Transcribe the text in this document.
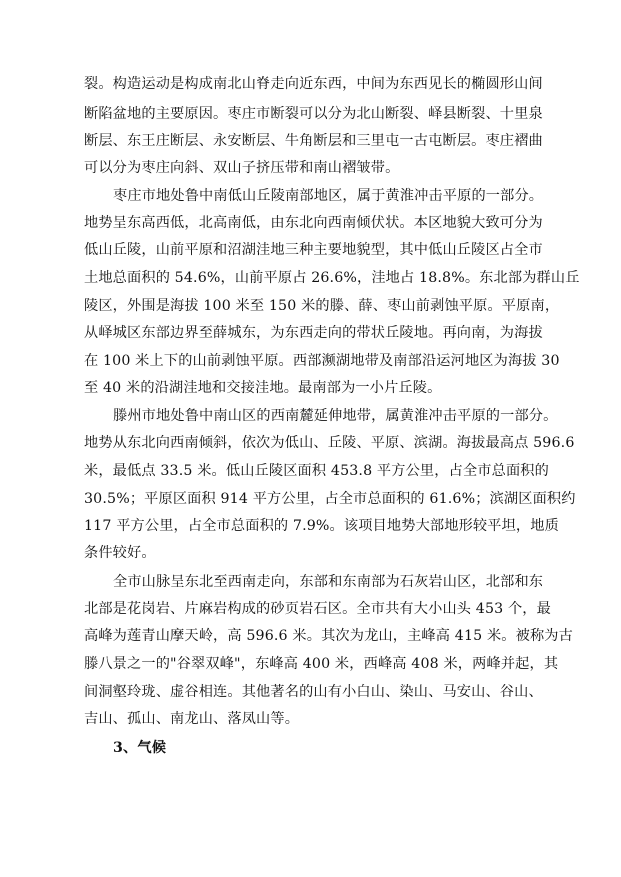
裂。构造运动是构成南北山脊走向近东西，中间为东西见长的椭圆形山间
断陷盆地的主要原因。枣庄市断裂可以分为北山断裂、峄县断裂、十里泉
断层、东王庄断层、永安断层、牛角断层和三里屯一古屯断层。枣庄褶曲
可以分为枣庄向斜、双山子挤压带和南山褶皱带。
枣庄市地处鲁中南低山丘陵南部地区，属于黄淮冲击平原的一部分。
地势呈东高西低，北高南低，由东北向西南倾伏状。本区地貌大致可分为
低山丘陵，山前平原和沼湖洼地三种主要地貌型，其中低山丘陵区占全市
土地总面积的 54.6%，山前平原占 26.6%，洼地占 18.8%。东北部为群山丘
陵区，外围是海拔 100 米至 150 米的滕、薛、枣山前剥蚀平原。平原南，
从峄城区东部边界至薛城东，为东西走向的带状丘陵地。再向南，为海拔
在 100 米上下的山前剥蚀平原。西部濒湖地带及南部沿运河地区为海拔 30
至 40 米的沿湖洼地和交接洼地。最南部为一小片丘陵。
滕州市地处鲁中南山区的西南麓延伸地带，属黄淮冲击平原的一部分。
地势从东北向西南倾斜，依次为低山、丘陵、平原、滨湖。海拔最高点 596.6
米，最低点 33.5 米。低山丘陵区面积 453.8 平方公里，占全市总面积的
30.5%；平原区面积 914 平方公里，占全市总面积的 61.6%；滨湖区面积约
117 平方公里，占全市总面积的 7.9%。该项目地势大部地形较平坦，地质
条件较好。
全市山脉呈东北至西南走向，东部和东南部为石灰岩山区，北部和东
北部是花岗岩、片麻岩构成的砂页岩石区。全市共有大小山头 453 个，最
高峰为莲青山摩天岭，高 596.6 米。其次为龙山，主峰高 415 米。被称为古
滕八景之一的"谷翠双峰"，东峰高 400 米，西峰高 408 米，两峰并起，其
间洞壑玲珑、虚谷相连。其他著名的山有小白山、染山、马安山、谷山、
吉山、孤山、南龙山、落凤山等。
3、气候
